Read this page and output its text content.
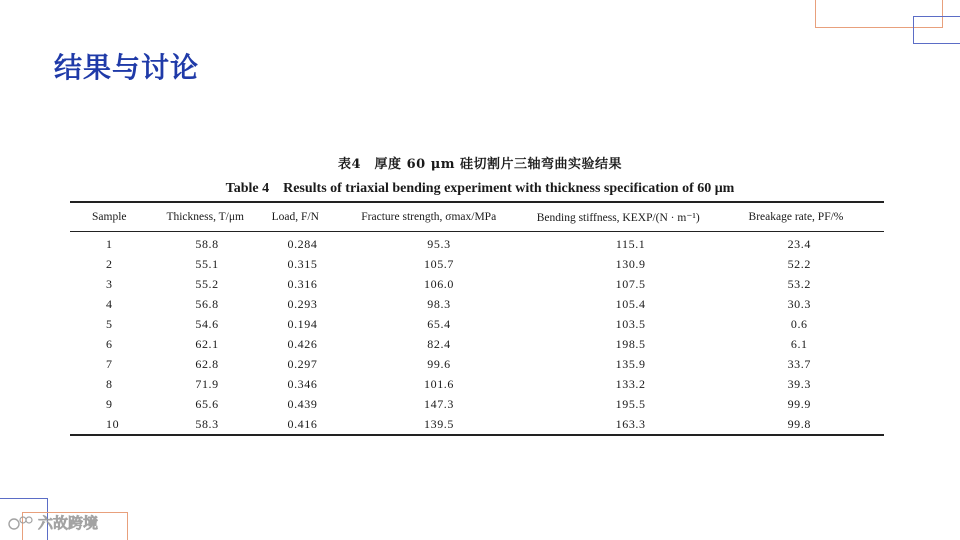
结果与讨论
表4　厚度 60 μm 硅切割片三轴弯曲实验结果
Table 4　Results of triaxial bending experiment with thickness specification of 60 μm
Sample	Thickness, T/μm	Load, F/N	Fracture strength, σmax/MPa	Bending stiffness, KEXP/(N · m⁻¹)	Breakage rate, PF/%
1	58.8	0.284	95.3	115.1	23.4
2	55.1	0.315	105.7	130.9	52.2
3	55.2	0.316	106.0	107.5	53.2
4	56.8	0.293	98.3	105.4	30.3
5	54.6	0.194	65.4	103.5	0.6
6	62.1	0.426	82.4	198.5	6.1
7	62.8	0.297	99.6	135.9	33.7
8	71.9	0.346	101.6	133.2	39.3
9	65.6	0.439	147.3	195.5	99.9
10	58.3	0.416	139.5	163.3	99.8
六故跨境
